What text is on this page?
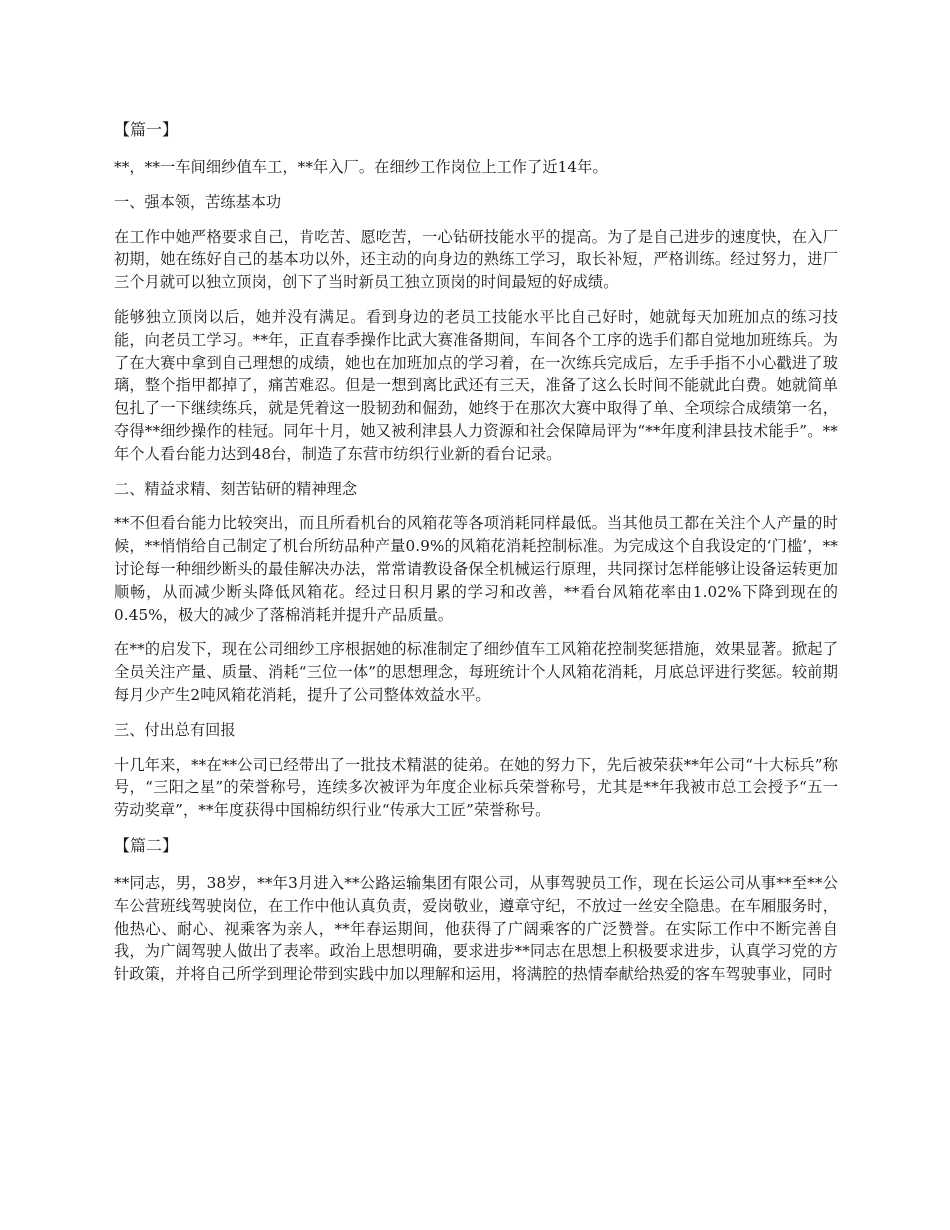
【篇一】
**，**一车间细纱值车工，**年入厂。在细纱工作岗位上工作了近14年。
一、强本领，苦练基本功
在工作中她严格要求自己，肯吃苦、愿吃苦，一心钻研技能水平的提高。为了是自己进步的速度快，在入厂初期，她在练好自己的基本功以外，还主动的向身边的熟练工学习，取长补短，严格训练。经过努力，进厂三个月就可以独立顶岗，创下了当时新员工独立顶岗的时间最短的好成绩。
能够独立顶岗以后，她并没有满足。看到身边的老员工技能水平比自己好时，她就每天加班加点的练习技能，向老员工学习。**年，正直春季操作比武大赛准备期间，车间各个工序的选手们都自觉地加班练兵。为了在大赛中拿到自己理想的成绩，她也在加班加点的学习着，在一次练兵完成后，左手手指不小心戳进了玻璃，整个指甲都掉了，痛苦难忍。但是一想到离比武还有三天，准备了这么长时间不能就此白费。她就简单包扎了一下继续练兵，就是凭着这一股韧劲和倔劲，她终于在那次大赛中取得了单、全项综合成绩第一名，夺得**细纱操作的桂冠。同年十月，她又被利津县人力资源和社会保障局评为“**年度利津县技术能手”。**年个人看台能力达到48台，制造了东营市纺织行业新的看台记录。
二、精益求精、刻苦钻研的精神理念
**不但看台能力比较突出，而且所看机台的风箱花等各项消耗同样最低。当其他员工都在关注个人产量的时候，**悄悄给自己制定了机台所纺品种产量0.9%的风箱花消耗控制标准。为完成这个自我设定的‘门槛’，**讨论每一种细纱断头的最佳解决办法，常常请教设备保全机械运行原理，共同探讨怎样能够让设备运转更加顺畅，从而减少断头降低风箱花。经过日积月累的学习和改善，**看台风箱花率由1.02%下降到现在的0.45%，极大的减少了落棉消耗并提升产品质量。
在**的启发下，现在公司细纱工序根据她的标准制定了细纱值车工风箱花控制奖惩措施，效果显著。掀起了全员关注产量、质量、消耗“三位一体”的思想理念，每班统计个人风箱花消耗，月底总评进行奖惩。较前期每月少产生2吨风箱花消耗，提升了公司整体效益水平。
三、付出总有回报
十几年来，**在**公司已经带出了一批技术精湛的徒弟。在她的努力下，先后被荣获**年公司“十大标兵”称号，“三阳之星”的荣誉称号，连续多次被评为年度企业标兵荣誉称号，尤其是**年我被市总工会授予“五一劳动奖章”，**年度获得中国棉纺织行业“传承大工匠”荣誉称号。
【篇二】
**同志，男，38岁，**年3月进入**公路运输集团有限公司，从事驾驶员工作，现在长运公司从事**至**公车公营班线驾驶岗位，在工作中他认真负责，爱岗敬业，遵章守纪，不放过一丝安全隐患。在车厢服务时，他热心、耐心、视乘客为亲人，**年春运期间，他获得了广阔乘客的广泛赞誉。在实际工作中不断完善自我，为广阔驾驶人做出了表率。政治上思想明确，要求进步**同志在思想上积极要求进步，认真学习党的方针政策，并将自己所学到理论带到实践中加以理解和运用，将满腔的热情奉献给热爱的客车驾驶事业，同时
